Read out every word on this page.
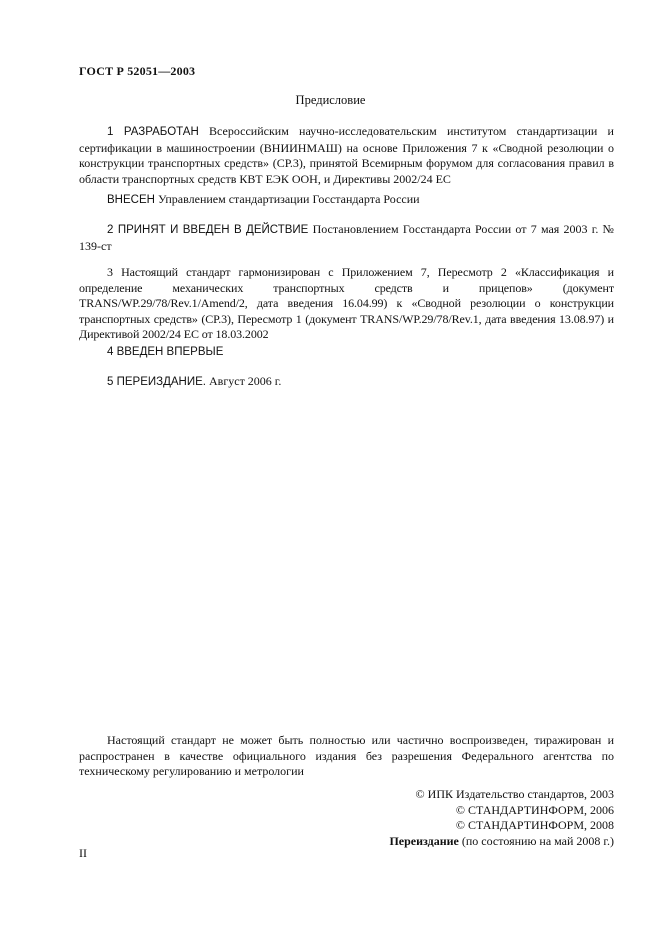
ГОСТ Р 52051—2003
Предисловие

1 РАЗРАБОТАН Всероссийским научно-исследовательским институтом стандартизации и сертификации в машиностроении (ВНИИНМАШ) на основе Приложения 7 к «Сводной резолюции о конструкции транспортных средств» (СР.3), принятой Всемирным форумом для согласования правил в области транспортных средств КВТ ЕЭК ООН, и Директивы 2002/24 ЕС

ВНЕСЕН Управлением стандартизации Госстандарта России

2 ПРИНЯТ И ВВЕДЕН В ДЕЙСТВИЕ Постановлением Госстандарта России от 7 мая 2003 г. № 139-ст

3 Настоящий стандарт гармонизирован с Приложением 7, Пересмотр 2 «Классификация и определение механических транспортных средств и прицепов» (документ TRANS/WP.29/78/Rev.1/Amend/2, дата введения 16.04.99) к «Сводной резолюции о конструкции транспортных средств» (СР.3), Пересмотр 1 (документ TRANS/WP.29/78/Rev.1, дата введения 13.08.97) и Директивой 2002/24 ЕС от 18.03.2002

4 ВВЕДЕН ВПЕРВЫЕ

5 ПЕРЕИЗДАНИЕ. Август 2006 г.

Настоящий стандарт не может быть полностью или частично воспроизведен, тиражирован и распространен в качестве официального издания без разрешения Федерального агентства по техническому регулированию и метрологии

© ИПК Издательство стандартов, 2003
© СТАНДАРТИНФОРМ, 2006
© СТАНДАРТИНФОРМ, 2008
Переиздание (по состоянию на май 2008 г.)
II
